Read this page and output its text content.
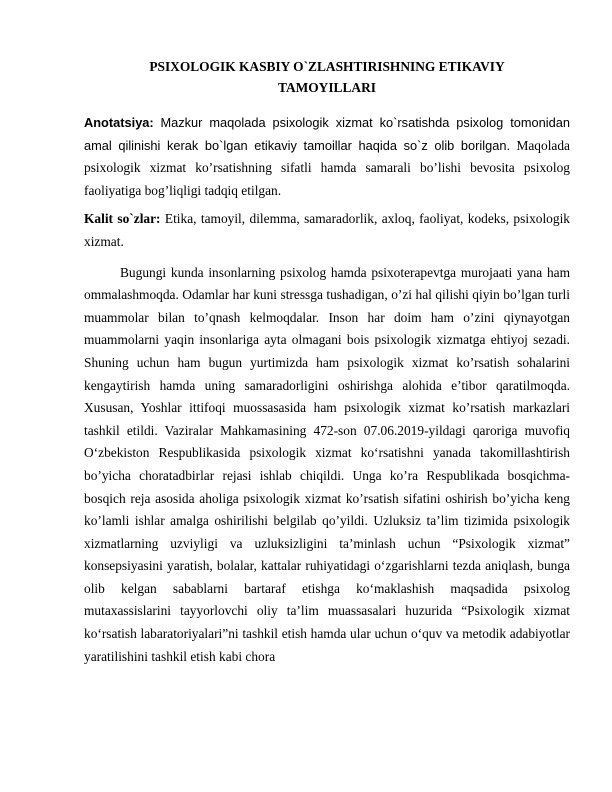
PSIXOLOGIK KASBIY O`ZLASHTIRISHNING ETIKAVIY
TAMOYILLARI

Anotatsiya: Mazkur maqolada psixologik xizmat ko`rsatishda psixolog tomonidan amal qilinishi kerak bo`lgan etikaviy tamoillar haqida so`z olib borilgan. Maqolada psixologik xizmat ko’rsatishning sifatli hamda samarali bo’lishi bevosita psixolog faoliyatiga bog’liqligi tadqiq etilgan.

Kalit so`zlar: Etika, tamoyil, dilemma, samaradorlik, axloq, faoliyat, kodeks, psixologik xizmat.

Bugungi kunda insonlarning psixolog hamda psixoterapevtga murojaati yana ham ommalashmoqda. Odamlar har kuni stressga tushadigan, o’zi hal qilishi qiyin bo’lgan turli muammolar bilan to’qnash kelmoqdalar. Inson har doim ham o’zini qiynayotgan muammolarni yaqin insonlariga ayta olmagani bois psixologik xizmatga ehtiyoj sezadi. Shuning uchun ham bugun yurtimizda ham psixologik xizmat ko’rsatish sohalarini kengaytirish hamda uning samaradorligini oshirishga alohida e’tibor qaratilmoqda. Xususan, Yoshlar ittifoqi muossasasida ham psixologik xizmat ko’rsatish markazlari tashkil etildi. Vaziralar Mahkamasining 472-son 07.06.2019-yildagi qaroriga muvofiq O‘zbekiston Respublikasida psixologik xizmat ko‘rsatishni yanada takomillashtirish bo’yicha choratadbirlar rejasi ishlab chiqildi. Unga ko’ra Respublikada bosqichma-bosqich reja asosida aholiga psixologik xizmat ko’rsatish sifatini oshirish bo’yicha keng ko’lamli ishlar amalga oshirilishi belgilab qo’yildi. Uzluksiz ta’lim tizimida psixologik xizmatlarning uzviyligi va uzluksizligini ta’minlash uchun “Psixologik xizmat” konsepsiyasini yaratish, bolalar, kattalar ruhiyatidagi o‘zgarishlarni tezda aniqlash, bunga olib kelgan sabablarni bartaraf etishga ko‘maklashish maqsadida psixolog mutaxassislarini tayyorlovchi oliy ta’lim muassasalari huzurida “Psixologik xizmat ko‘rsatish labaratoriyalari”ni tashkil etish hamda ular uchun o‘quv va metodik adabiyotlar yaratilishini tashkil etish kabi chora
